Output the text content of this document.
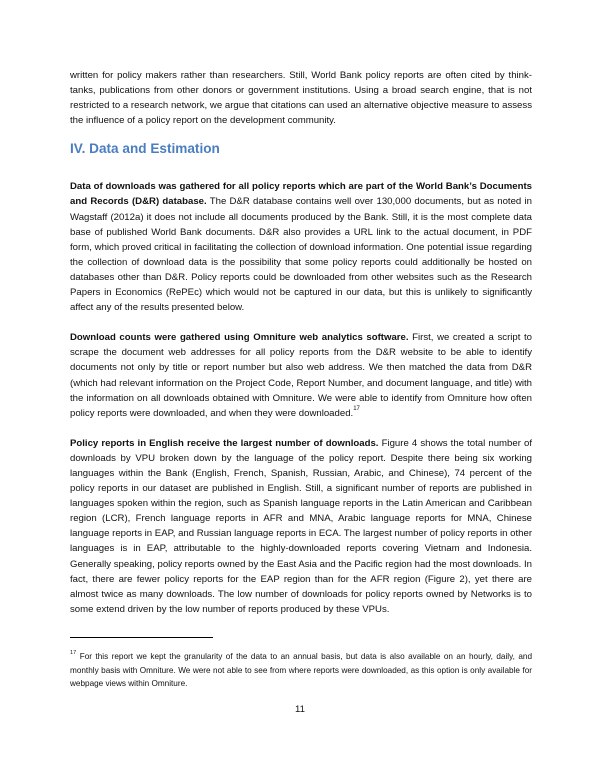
written for policy makers rather than researchers. Still, World Bank policy reports are often cited by think-tanks, publications from other donors or government institutions. Using a broad search engine, that is not restricted to a research network, we argue that citations can used an alternative objective measure to assess the influence of a policy report on the development community.

IV. Data and Estimation

Data of downloads was gathered for all policy reports which are part of the World Bank’s Documents and Records (D&R) database. The D&R database contains well over 130,000 documents, but as noted in Wagstaff (2012a) it does not include all documents produced by the Bank. Still, it is the most complete data base of published World Bank documents. D&R also provides a URL link to the actual document, in PDF form, which proved critical in facilitating the collection of download information. One potential issue regarding the collection of download data is the possibility that some policy reports could additionally be hosted on databases other than D&R. Policy reports could be downloaded from other websites such as the Research Papers in Economics (RePEc) which would not be captured in our data, but this is unlikely to significantly affect any of the results presented below.

Download counts were gathered using Omniture web analytics software. First, we created a script to scrape the document web addresses for all policy reports from the D&R website to be able to identify documents not only by title or report number but also web address. We then matched the data from D&R (which had relevant information on the Project Code, Report Number, and document language, and title) with the information on all downloads obtained with Omniture. We were able to identify from Omniture how often policy reports were downloaded, and when they were downloaded.$^{17}$

Policy reports in English receive the largest number of downloads. Figure 4 shows the total number of downloads by VPU broken down by the language of the policy report. Despite there being six working languages within the Bank (English, French, Spanish, Russian, Arabic, and Chinese), 74 percent of the policy reports in our dataset are published in English. Still, a significant number of reports are published in languages spoken within the region, such as Spanish language reports in the Latin American and Caribbean region (LCR), French language reports in AFR and MNA, Arabic language reports for MNA, Chinese language reports in EAP, and Russian language reports in ECA. The largest number of policy reports in other languages is in EAP, attributable to the highly-downloaded reports covering Vietnam and Indonesia. Generally speaking, policy reports owned by the East Asia and the Pacific region had the most downloads. In fact, there are fewer policy reports for the EAP region than for the AFR region (Figure 2), yet there are almost twice as many downloads. The low number of downloads for policy reports owned by Networks is to some extend driven by the low number of reports produced by these VPUs.

$^{17}$ For this report we kept the granularity of the data to an annual basis, but data is also available on an hourly, daily, and monthly basis with Omniture. We were not able to see from where reports were downloaded, as this option is only available for webpage views within Omniture.
11
